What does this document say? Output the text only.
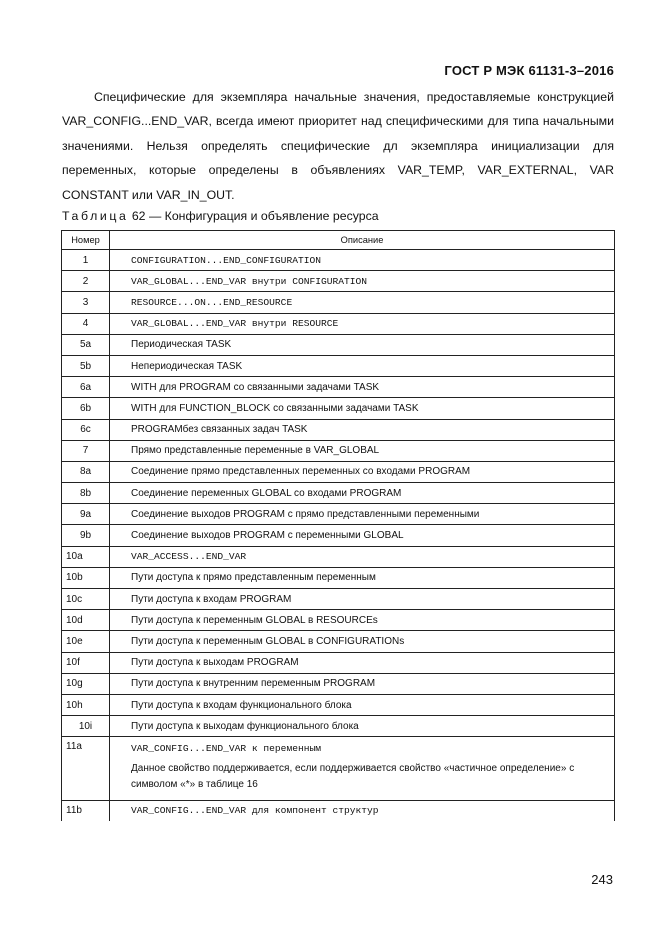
ГОСТ Р МЭК 61131-3–2016

Специфические для экземпляра начальные значения, предоставляемые конструкцией VAR_CONFIG...END_VAR, всегда имеют приоритет над специфическими для типа начальными значениями. Нельзя определять специфические дл экземпляра инициализации для переменных, которые определены в объявлениях VAR_TEMP, VAR_EXTERNAL, VAR CONSTANT или VAR_IN_OUT.

Таблица 62 — Конфигурация и объявление ресурса
Номер	Описание
1	CONFIGURATION...END_CONFIGURATION
2	VAR_GLOBAL...END_VAR внутри CONFIGURATION
3	RESOURCE...ON...END_RESOURCE
4	VAR_GLOBAL...END_VAR внутри RESOURCE
5a	Периодическая TASK
5b	Непериодическая TASK
6a	WITH для PROGRAM со связанными задачами TASK
6b	WITH для FUNCTION_BLOCK со связанными задачами TASK
6c	PROGRAMбез связанных задач TASK
7	Прямо представленные переменные в VAR_GLOBAL
8a	Соединение прямо представленных переменных со входами PROGRAM
8b	Соединение переменных GLOBAL со входами PROGRAM
9a	Соединение выходов PROGRAM с прямо представленными переменными
9b	Соединение выходов PROGRAM с переменными GLOBAL
10a	VAR_ACCESS...END_VAR
10b	Пути доступа к прямо представленным переменным
10c	Пути доступа к входам PROGRAM
10d	Пути доступа к переменным GLOBAL в RESOURCEs
10e	Пути доступа к переменным GLOBAL в CONFIGURATIONs
10f	Пути доступа к выходам PROGRAM
10g	Пути доступа к внутренним переменным PROGRAM
10h	Пути доступа к входам функционального блока
10i	Пути доступа к выходам функционального блока
11a	VAR_CONFIG...END_VAR к переменным
Данное свойство поддерживается, если поддерживается свойство «частичное определение» с символом «*» в таблице 16

11b	VAR_CONFIG...END_VAR для компонент структур
243
